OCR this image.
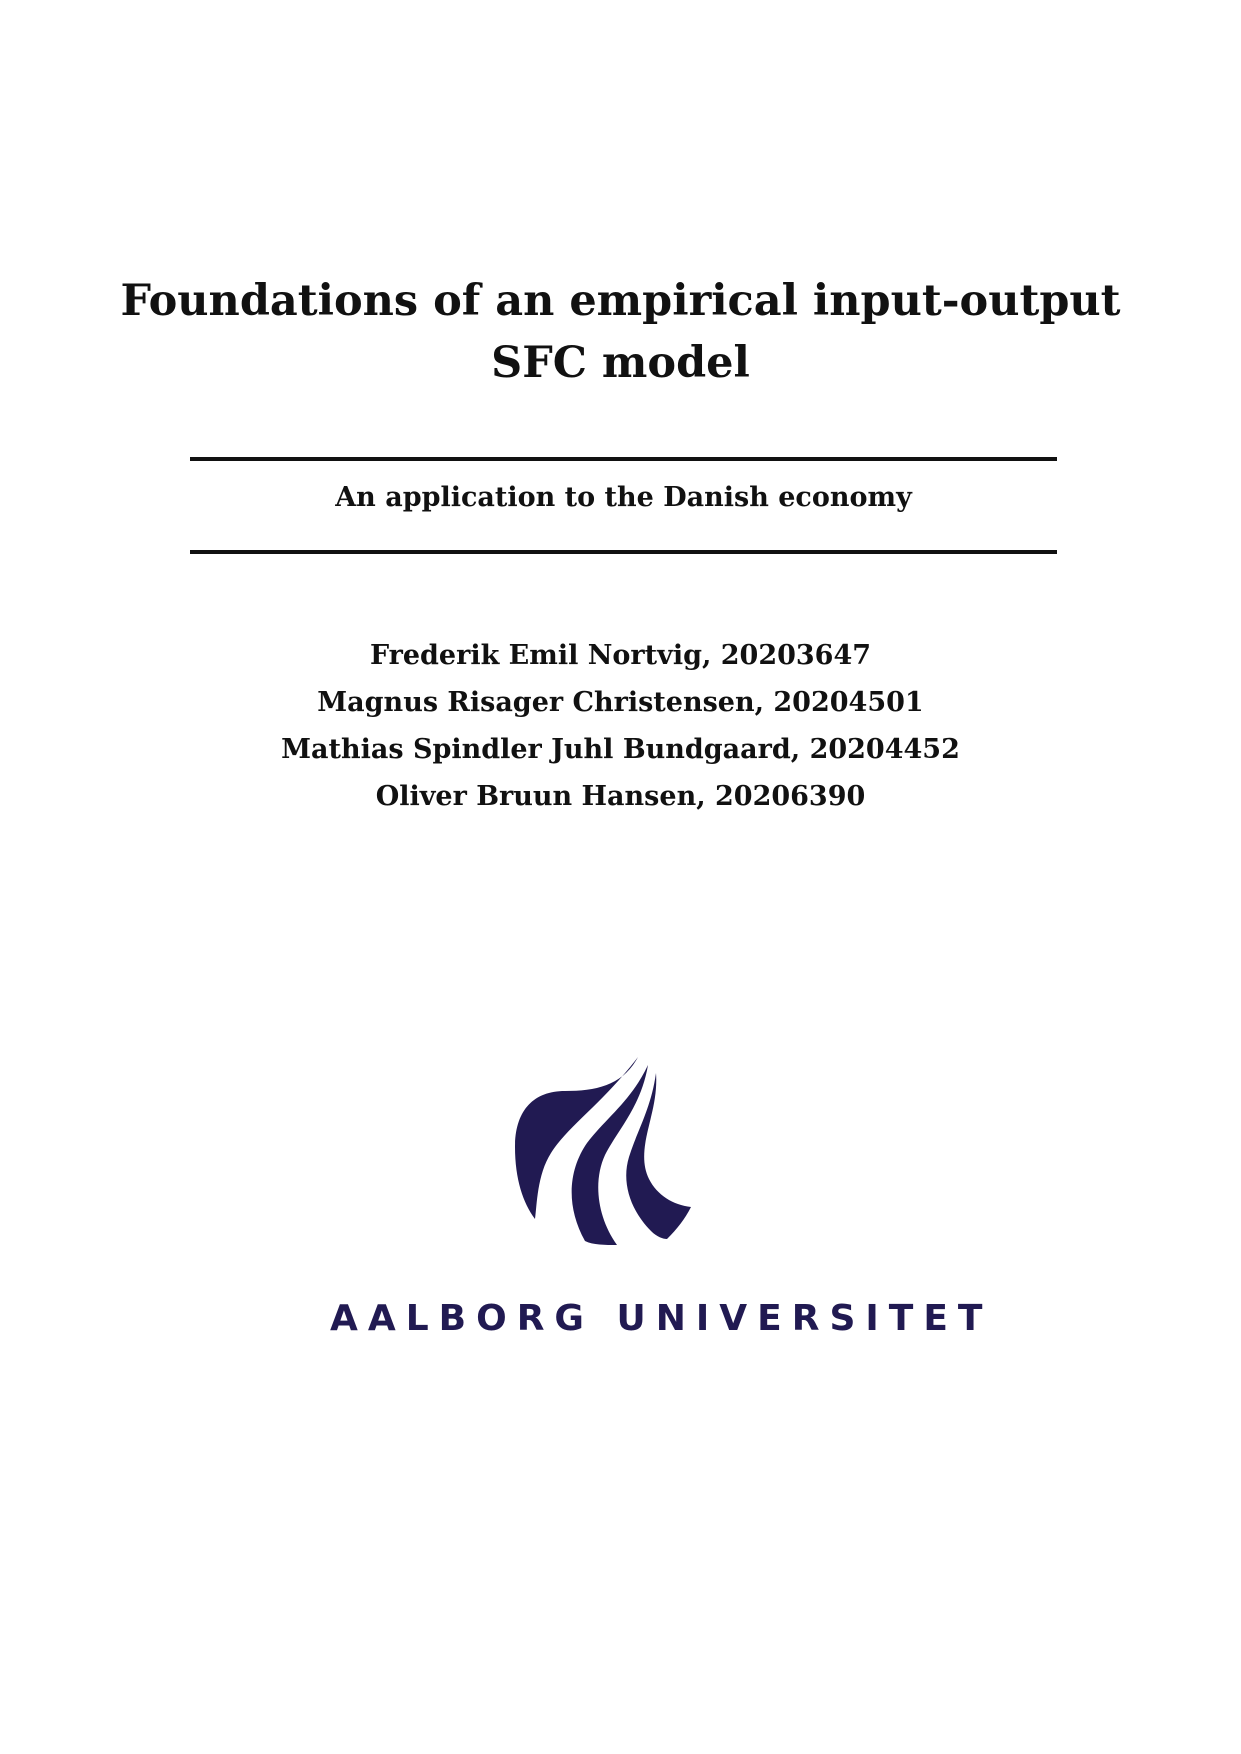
Foundations of an empirical input-output SFC model
An application to the Danish economy
Frederik Emil Nortvig, 20203647
Magnus Risager Christensen, 20204501
Mathias Spindler Juhl Bundgaard, 20204452
Oliver Bruun Hansen, 20206390
AALBORG UNIVERSITET
